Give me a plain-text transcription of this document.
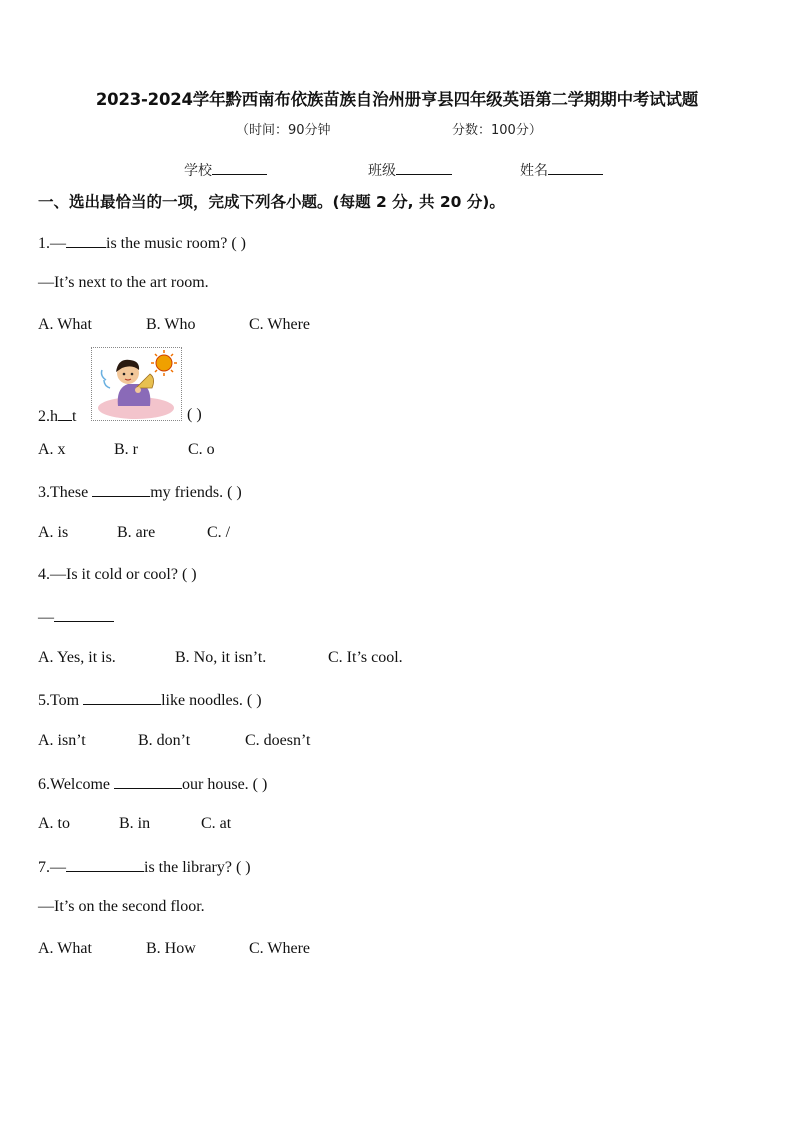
2023-2024学年黔西南布依族苗族自治州册亨县四年级英语第二学期期中考试试题
（时间：90分钟	分数：100分）
学校	班级	姓名
一、选出最恰当的一项，完成下列各小题。(每题 2 分, 共 20 分)。
1.—	is the music room? ( )
—It’s next to the art room.
A. What	B. Who	C. Where
2.h t	( )
A. x	B. r	C. o
3.These	my friends. ( )
A. is	B. are	C. /
4.—Is it cold or cool? ( )
—
A. Yes, it is.	B. No, it isn’t.	C. It’s cool.
5.Tom	like noodles. ( )
A. isn’t	B. don’t	C. doesn’t
6.Welcome	our house. ( )
A. to	B. in	C. at
7.—	is the library? ( )
—It’s on the second floor.
A. What	B. How	C. Where
